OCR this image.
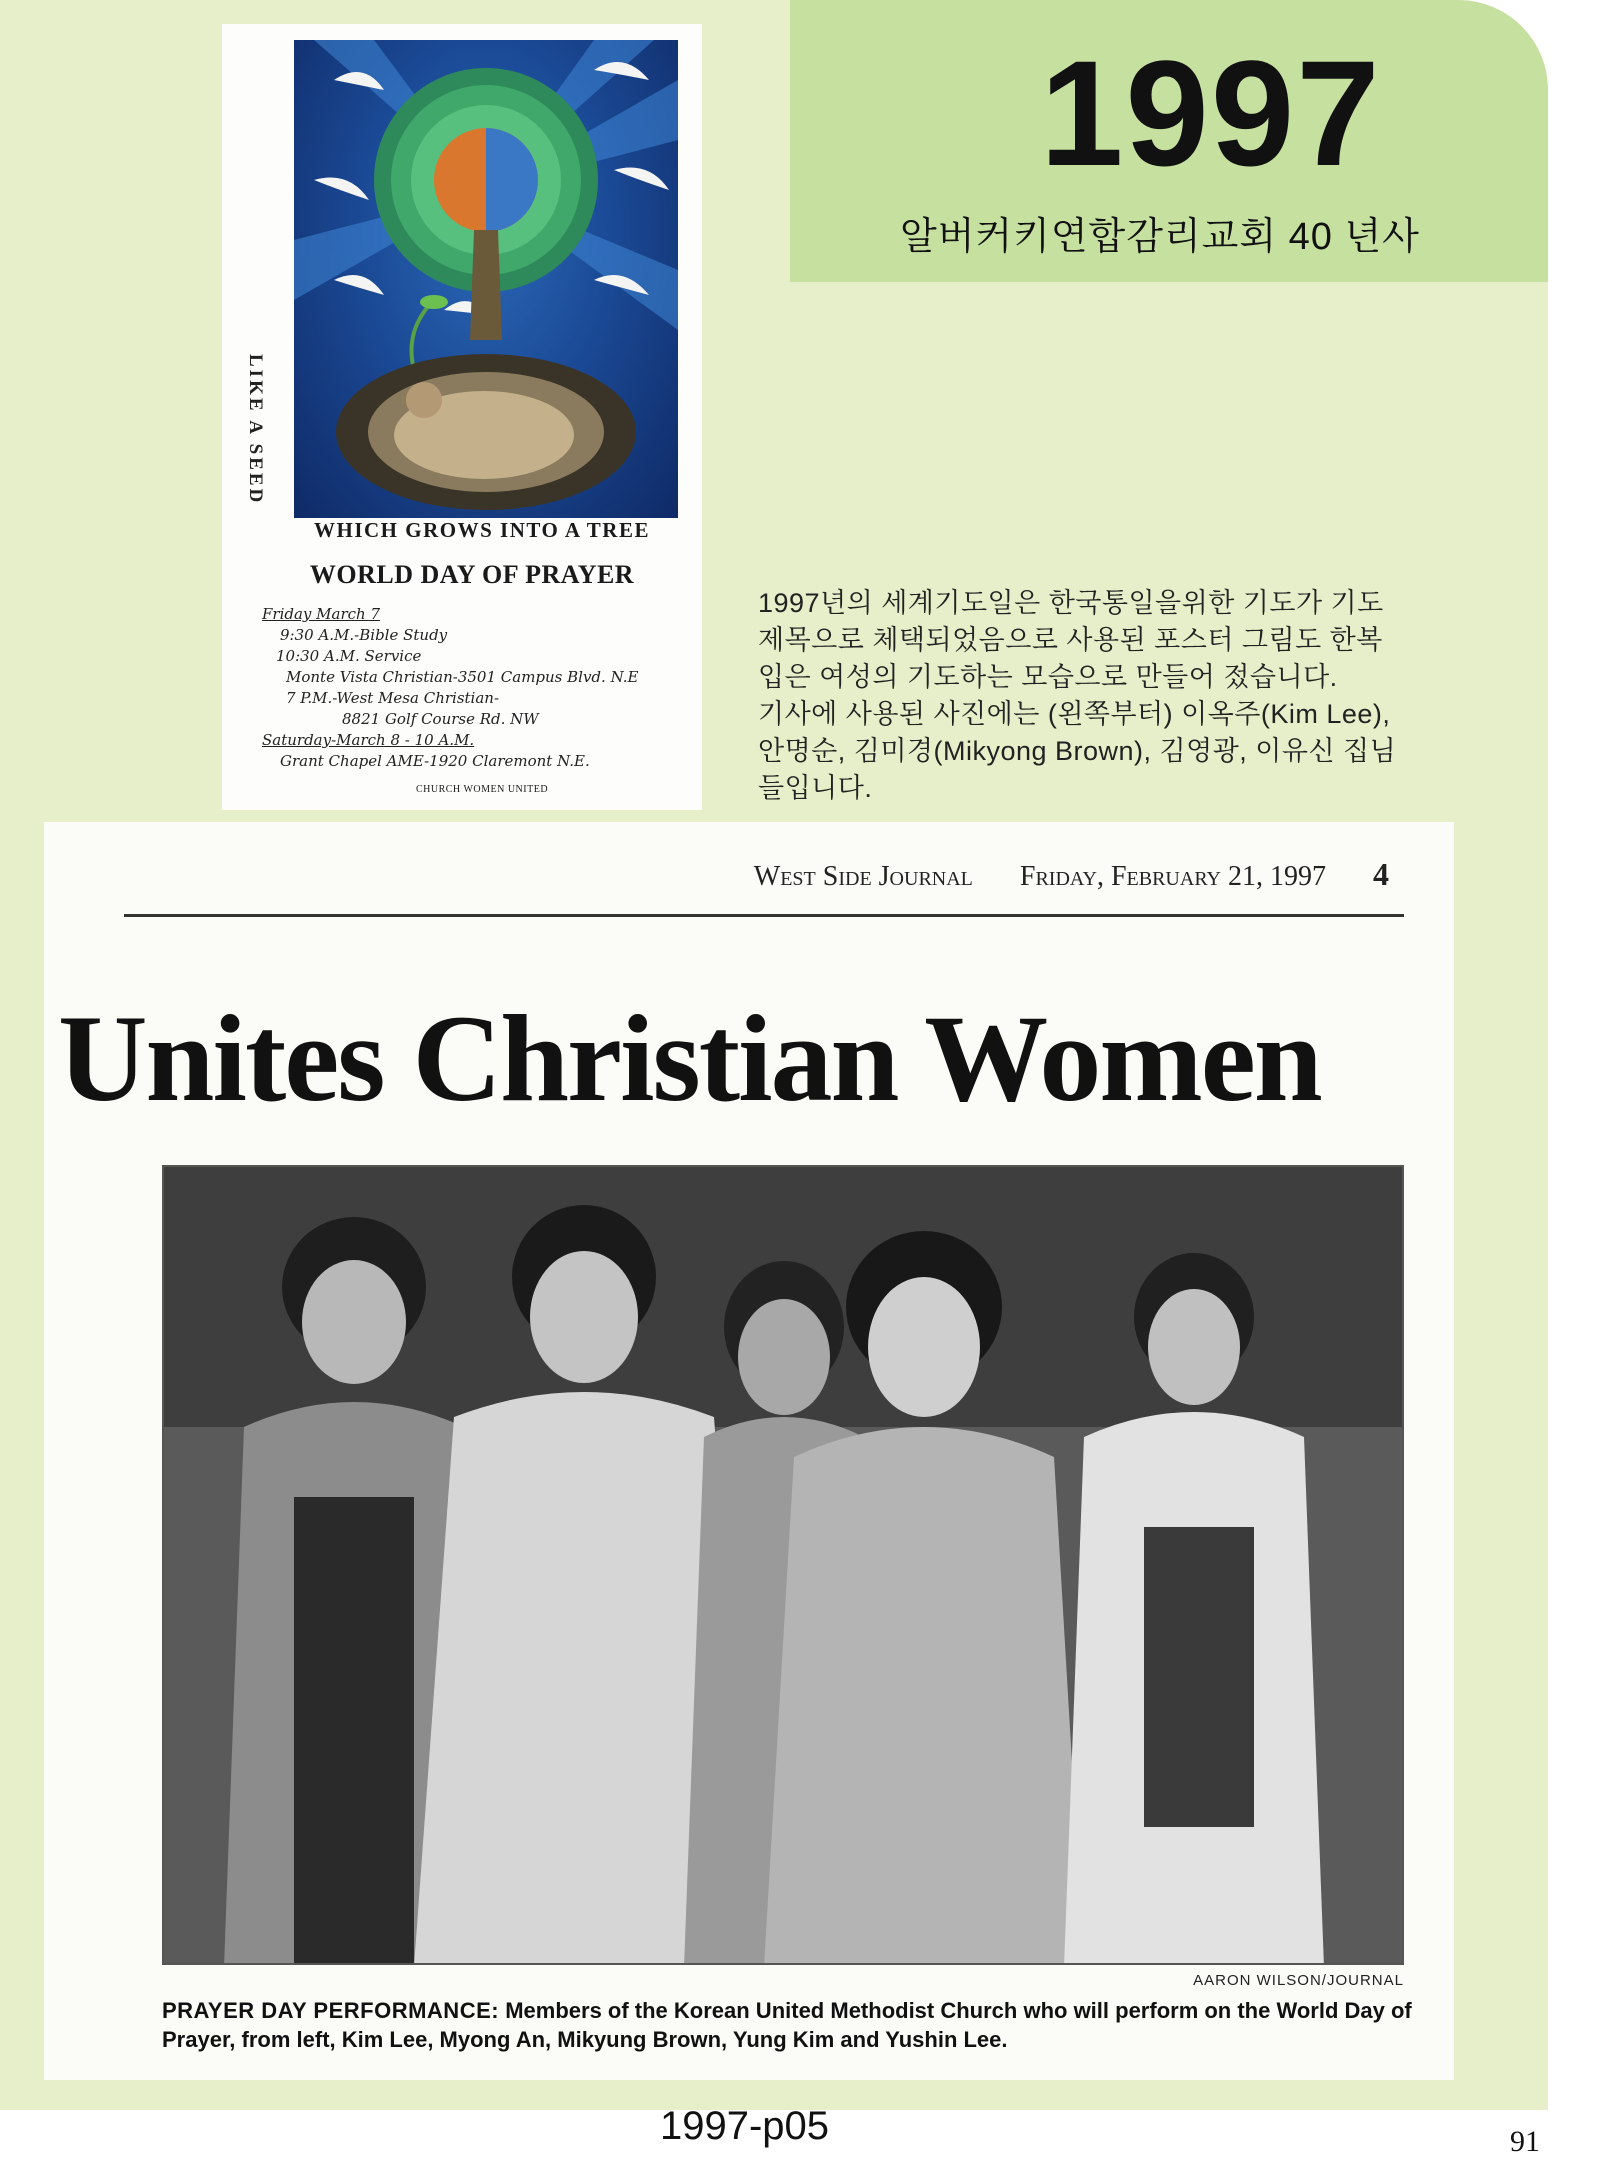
1997
알버커키연합감리교회 40 년사
LIKE A SEED
WHICH GROWS INTO A TREE
WORLD DAY OF PRAYER
Friday March 7
9:30 A.M.-Bible Study
10:30 A.M. Service
Monte Vista Christian-3501 Campus Blvd. N.E
7 P.M.-West Mesa Christian-
8821 Golf Course Rd. NW
Saturday-March 8 - 10 A.M.
Grant Chapel AME-1920 Claremont N.E.
CHURCH WOMEN UNITED
1997년의 세계기도일은 한국통일을위한 기도가 기도
제목으로 체택되었음으로 사용된 포스터 그림도 한복
입은 여성의 기도하는 모습으로 만들어 젔습니다.
기사에 사용된 사진에는 (왼쪽부터) 이옥주(Kim Lee),
안명순, 김미경(Mikyong Brown), 김영광, 이유신 집님
들입니다.
West Side Journal Friday, February 21, 1997 4
Unites Christian Women
AARON WILSON/JOURNAL
PRAYER DAY PERFORMANCE: Members of the Korean United Methodist Church who will perform on the World Day of Prayer, from left, Kim Lee, Myong An, Mikyung Brown, Yung Kim and Yushin Lee.
1997-p05	91
